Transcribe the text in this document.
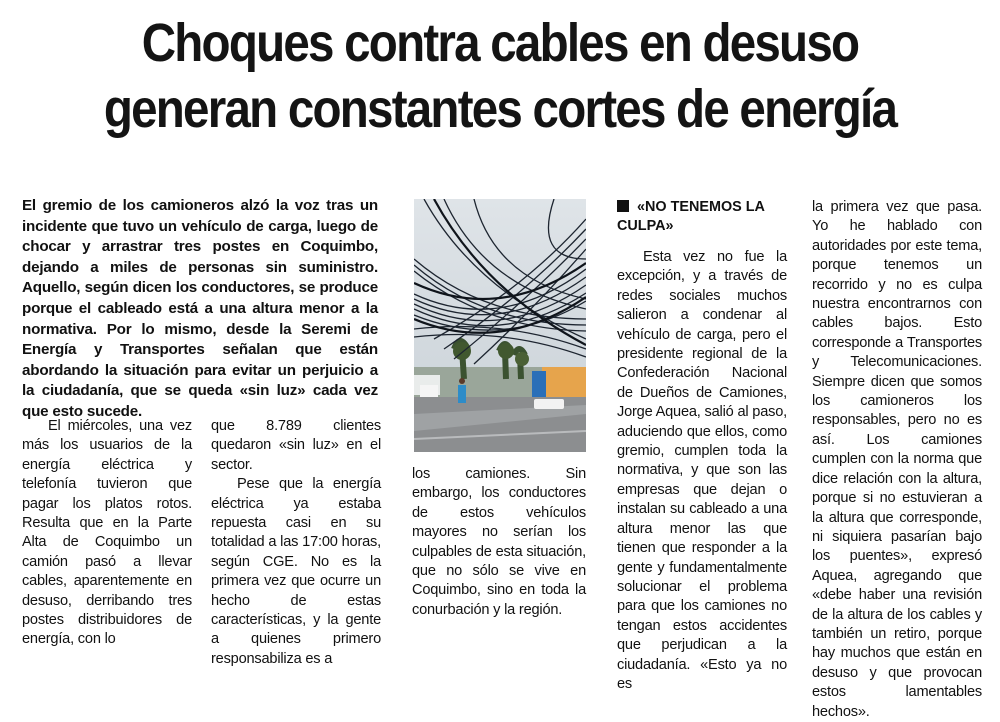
Choques contra cables en desuso
generan constantes cortes de energía

El gremio de los camioneros alzó la voz tras un incidente que tuvo un vehículo de carga, luego de chocar y arrastrar tres postes en Coquimbo, dejando a miles de personas sin suministro. Aquello, según dicen los conductores, se produce porque el cableado está a una altura menor a la normativa. Por lo mismo, desde la Seremi de Energía y Transportes señalan que están abordando la situación para evitar un perjuicio a la ciudadanía, que se queda «sin luz» cada vez que esto sucede.

El miércoles, una vez más los usuarios de la energía eléctrica y telefonía tuvieron que pagar los platos rotos. Resulta que en la Parte Alta de Coquimbo un camión pasó a llevar cables, aparentemente en desuso, derribando tres postes distribuidores de energía, con lo

que 8.789 clientes quedaron «sin luz» en el sector.

Pese que la energía eléctrica ya estaba repuesta casi en su totalidad a las 17:00 horas, según CGE. No es la primera vez que ocurre un hecho de estas características, y la gente a quienes primero responsabiliza es a

los camiones. Sin embargo, los conductores de estos vehículos mayores no serían los culpables de esta situación, que no sólo se vive en Coquimbo, sino en toda la conurbación y la región.

«NO TENEMOS LA CULPA»

Esta vez no fue la excepción, y a través de redes sociales muchos salieron a condenar al vehículo de carga, pero el presidente regional de la Confederación Nacional de Dueños de Camiones, Jorge Aquea, salió al paso, aduciendo que ellos, como gremio, cumplen toda la normativa, y que son las empresas que dejan o instalan su cableado a una altura menor las que tienen que responder a la gente y fundamentalmente solucionar el problema para que los camiones no tengan estos accidentes que perjudican a la ciudadanía. «Esto ya no es

la primera vez que pasa. Yo he hablado con autoridades por este tema, porque tenemos un recorrido y no es culpa nuestra encontrarnos con cables bajos. Esto corresponde a Transportes y Telecomunicaciones. Siempre dicen que somos los camioneros los responsables, pero no es así. Los camiones cumplen con la norma que dice relación con la altura, porque si no estuvieran a la altura que corresponde, ni siquiera pasarían bajo los puentes», expresó Aquea, agregando que «debe haber una revisión de la altura de los cables y también un retiro, porque hay muchos que están en desuso y que provocan estos lamentables hechos».
